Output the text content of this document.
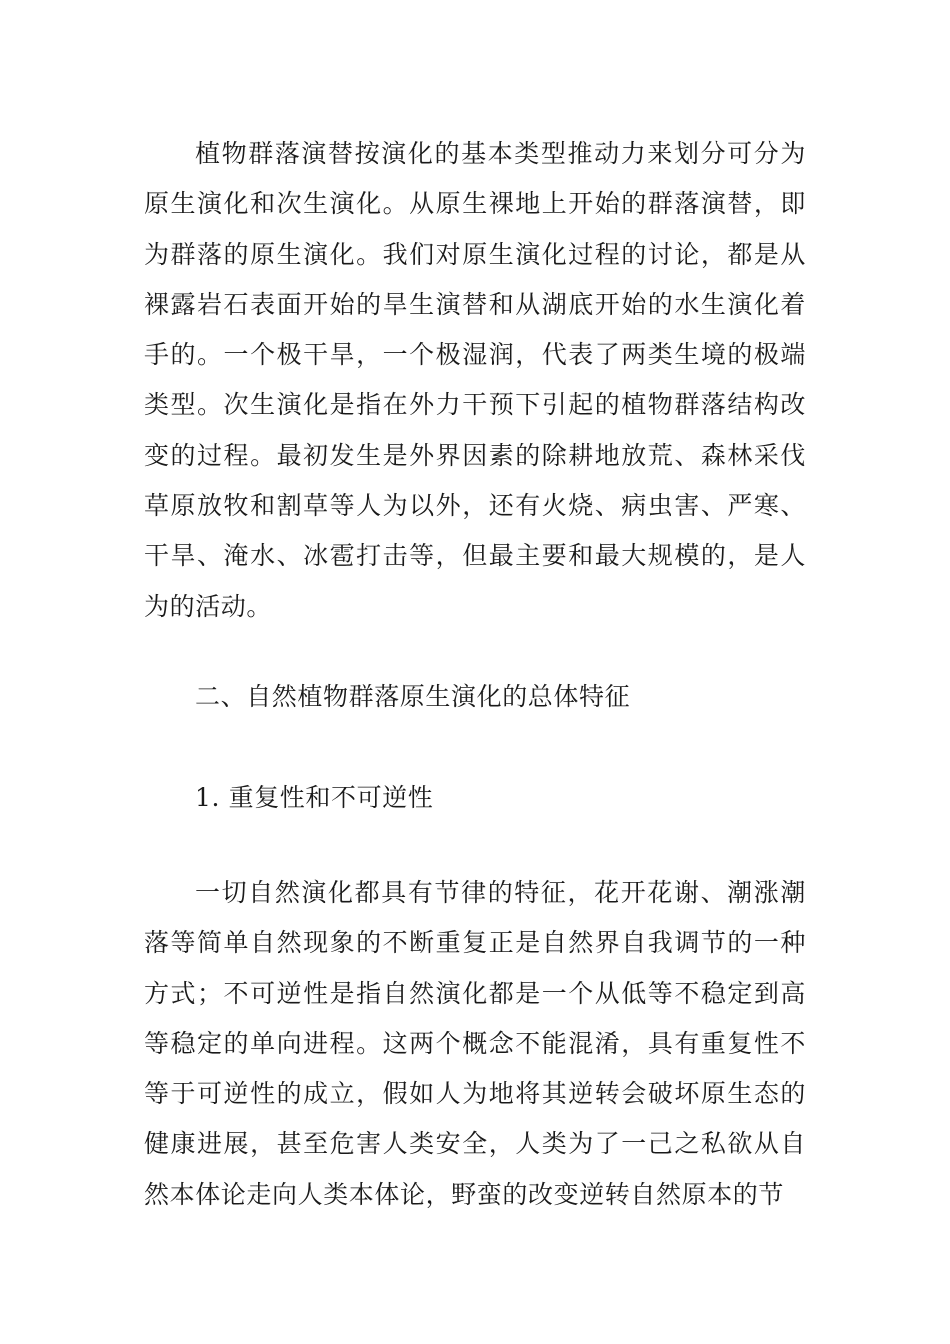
植物群落演替按演化的基本类型推动力来划分可分为原生演化和次生演化。从原生裸地上开始的群落演替，即为群落的原生演化。我们对原生演化过程的讨论，都是从裸露岩石表面开始的旱生演替和从湖底开始的水生演化着手的。一个极干旱，一个极湿润，代表了两类生境的极端类型。次生演化是指在外力干预下引起的植物群落结构改变的过程。最初发生是外界因素的除耕地放荒、森林采伐草原放牧和割草等人为以外，还有火烧、病虫害、严寒、干旱、淹水、冰雹打击等，但最主要和最大规模的，是人为的活动。

二、自然植物群落原生演化的总体特征

1. 重复性和不可逆性

一切自然演化都具有节律的特征，花开花谢、潮涨潮落等简单自然现象的不断重复正是自然界自我调节的一种方式；不可逆性是指自然演化都是一个从低等不稳定到高等稳定的单向进程。这两个概念不能混淆，具有重复性不等于可逆性的成立，假如人为地将其逆转会破坏原生态的健康进展，甚至危害人类安全，人类为了一己之私欲从自然本体论走向人类本体论，野蛮的改变逆转自然原本的节
